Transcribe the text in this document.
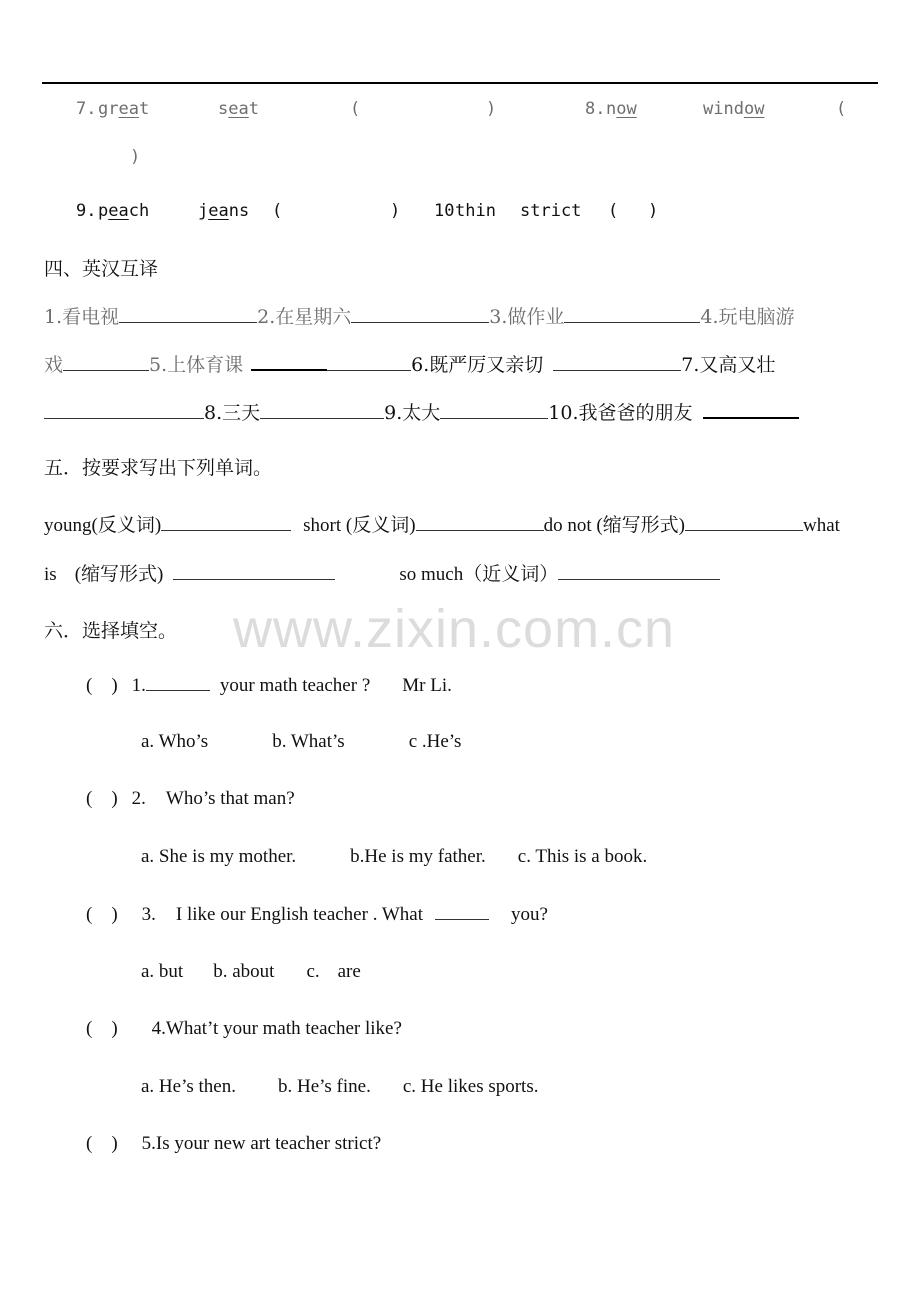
7. great	seat	(	)	8. now	window	(
)
9. peach	jeans (	) 10 thin strict ( )
四、英汉互译
1.看电视	2.在星期六	3.做作业	4.玩电脑游
戏	5.上体育课	6.既严厉又亲切	7.又高又壮
8.三天	9.太大	10.我爸爸的朋友
五．按要求写出下列单词。
young(反义词)	short (反义词)	do not (缩写形式)	what
is (缩写形式)	so much（近义词）
www.zixin.com.cn
六．选择填空。
(    ) 1.	your math teacher ? Mr Li.
a. Who’s	b. What’s	c .He’s
(    ) 2. Who’s that man?
a. She is my mother.	b.He is my father. c. This is a book.
(    ) 3. I like our English teacher . What	you?
a. but b. about c. are
(    ) 4.What’t your math teacher like?
a. He’s then. b. He’s fine. c. He likes sports.
(    ) 5.Is your new art teacher strict?
